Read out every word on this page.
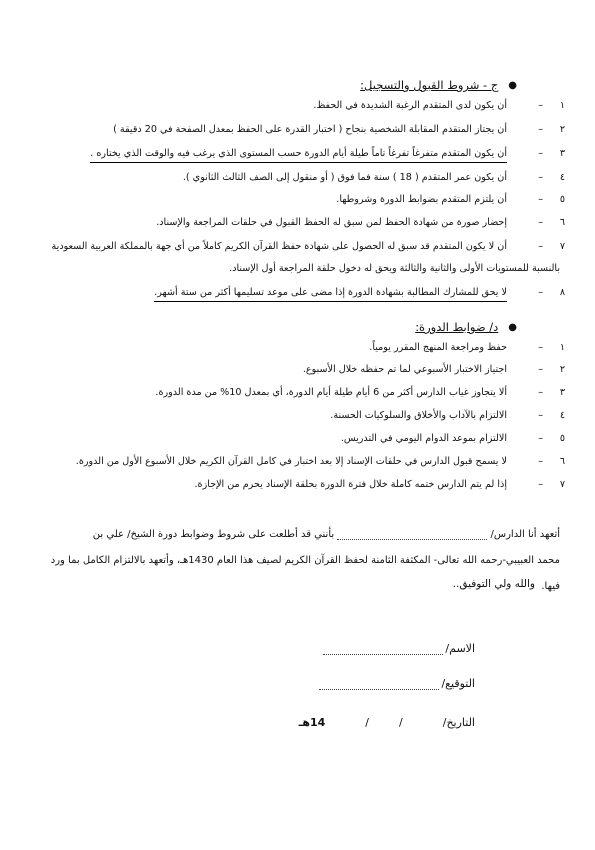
●
ج - شروط القبول والتسجيل:
١
–
أن يكون لدى المتقدم الرغبة الشديدة في الحفظ.
٢
–
أن يجتاز المتقدم المقابلة الشخصية بنجاح ( اختبار القدرة على الحفظ بمعدل الصفحة في 20 دقيقة )
٣
–
أن يكون المتقدم متفرغاً تفرغاً تاماً طيلة أيام الدورة حسب المستوى الذي يرغب فيه والوقت الذي يختاره .
٤
–
أن يكون عمر المتقدم ( 18 ) سنة فما فوق ( أو منقول إلى الصف الثالث الثانوي ).
٥
–
أن يلتزم المتقدم بضوابط الدورة وشروطها.
٦
–
إحضار صورة من شهادة الحفظ لمن سبق له الحفظ القبول في حلقات المراجعة والإسناد.
٧
–
أن لا يكون المتقدم قد سبق له الحصول على شهادة حفظ القرآن الكريم كاملاً من أي جهة بالمملكة العربية السعودية
بالنسبة للمستويات الأولى والثانية والثالثة ويحق له دخول حلقة المراجعة أول الإسناد.
٨
–
لا يحق للمشارك المطالبة بشهادة الدورة إذا مضى على موعد تسليمها أكثر من ستة أشهر.
●
د/ ضوابط الدورة:
١
–
حفظ ومراجعة المنهج المقرر يومياً.
٢
–
اجتياز الاختبار الأسبوعي لما تم حفظه خلال الأسبوع.
٣
–
ألا يتجاوز غياب الدارس أكثر من 6 أيام طيلة أيام الدورة، أي بمعدل 10% من مدة الدورة.
٤
–
الالتزام بالآداب والأخلاق والسلوكيات الحسنة.
٥
–
الالتزام بموعد الدوام اليومي في التدريس.
٦
–
لا يسمح قبول الدارس في حلقات الإسناد إلا بعد اختبار في كامل القرآن الكريم خلال الأسبوع الأول من الدورة.
٧
–
إذا لم يتم الدارس ختمه كاملة خلال فترة الدورة بحلقة الإسناد يحرم من الإجازة.
أتعهد أنا الدارس/  بأنني قد أطلعت على شروط وضوابط دورة الشيخ/ علي بن
محمد العبيبي-رحمه الله تعالى- المكثفة الثامنة لحفظ القرآن الكريم لصيف هذا العام 1430هـ، وأتعهد بالالتزام الكامل بما ورد فيها.
والله ولي التوفيق..
الاسم/
التوقيع/
التاريخ/
/
/
14هـ
